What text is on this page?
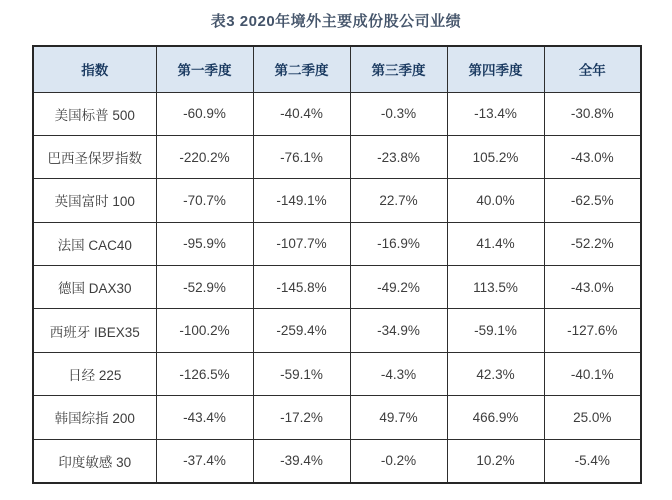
表3 2020年境外主要成份股公司业绩
指数	第一季度	第二季度	第三季度	第四季度	全年
美国标普 500	-60.9%	-40.4%	-0.3%	-13.4%	-30.8%
巴西圣保罗指数	-220.2%	-76.1%	-23.8%	105.2%	-43.0%
英国富时 100	-70.7%	-149.1%	22.7%	40.0%	-62.5%
法国 CAC40	-95.9%	-107.7%	-16.9%	41.4%	-52.2%
德国 DAX30	-52.9%	-145.8%	-49.2%	113.5%	-43.0%
西班牙 IBEX35	-100.2%	-259.4%	-34.9%	-59.1%	-127.6%
日经 225	-126.5%	-59.1%	-4.3%	42.3%	-40.1%
韩国综指 200	-43.4%	-17.2%	49.7%	466.9%	25.0%
印度敏感 30	-37.4%	-39.4%	-0.2%	10.2%	-5.4%
